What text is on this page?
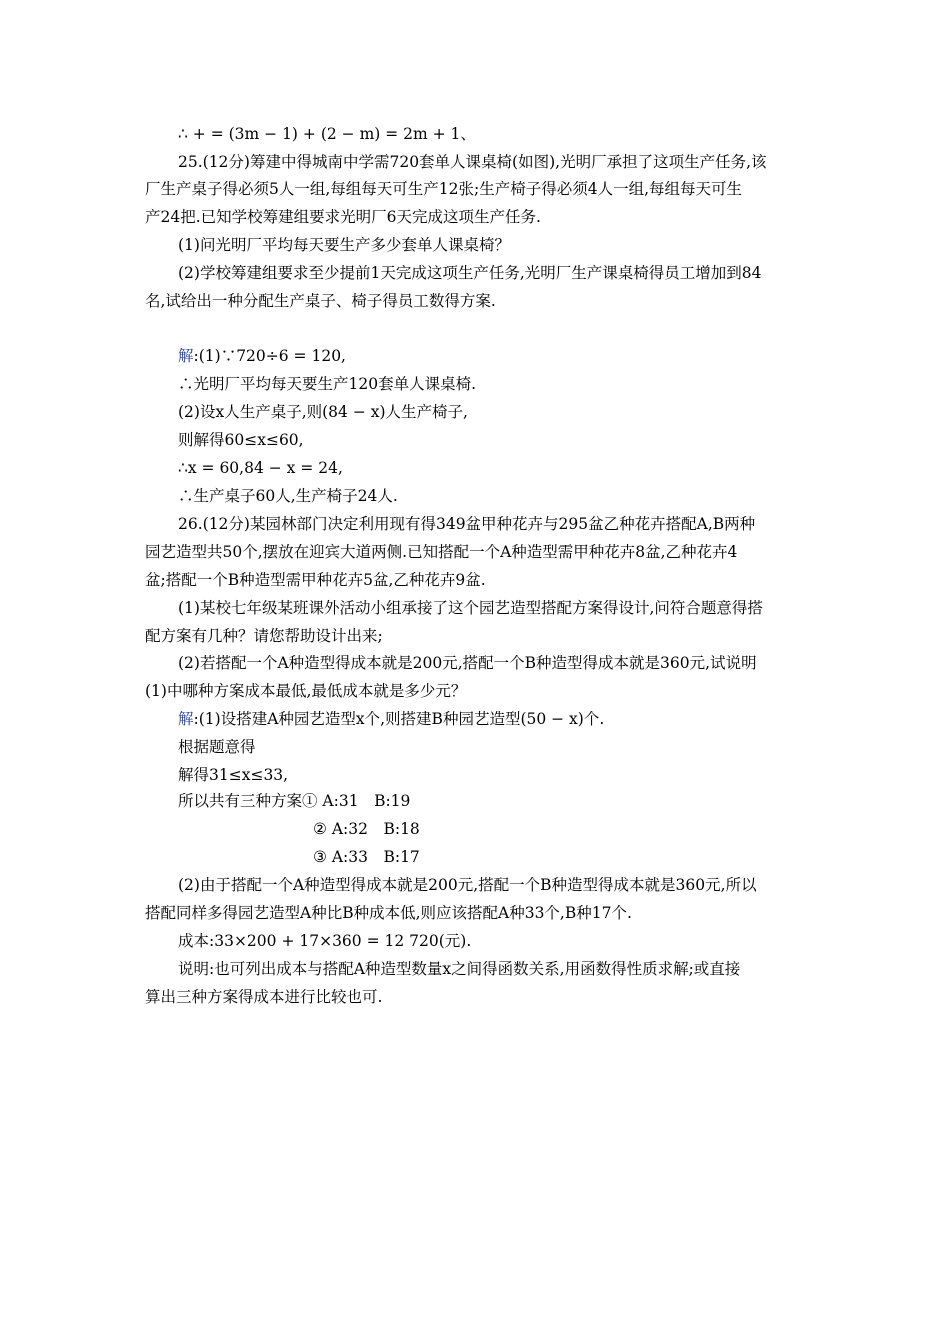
∴ + = (3m − 1) + (2 − m) = 2m + 1、
25.(12分)筹建中得城南中学需720套单人课桌椅(如图),光明厂承担了这项生产任务,该
厂生产桌子得必须5人一组,每组每天可生产12张;生产椅子得必须4人一组,每组每天可生
产24把.已知学校筹建组要求光明厂6天完成这项生产任务.
(1)问光明厂平均每天要生产多少套单人课桌椅？
(2)学校筹建组要求至少提前1天完成这项生产任务,光明厂生产课桌椅得员工增加到84
名,试给出一种分配生产桌子、椅子得员工数得方案.
解:(1)∵720÷6 = 120,
∴光明厂平均每天要生产120套单人课桌椅.
(2)设x人生产桌子,则(84 − x)人生产椅子,
则解得60≤x≤60,
∴x = 60,84 − x = 24,
∴生产桌子60人,生产椅子24人.
26.(12分)某园林部门决定利用现有得349盆甲种花卉与295盆乙种花卉搭配A,B两种
园艺造型共50个,摆放在迎宾大道两侧.已知搭配一个A种造型需甲种花卉8盆,乙种花卉4
盆;搭配一个B种造型需甲种花卉5盆,乙种花卉9盆.
(1)某校七年级某班课外活动小组承接了这个园艺造型搭配方案得设计,问符合题意得搭
配方案有几种？请您帮助设计出来;
(2)若搭配一个A种造型得成本就是200元,搭配一个B种造型得成本就是360元,试说明
(1)中哪种方案成本最低,最低成本就是多少元？
解:(1)设搭建A种园艺造型x个,则搭建B种园艺造型(50 − x)个.
根据题意得
解得31≤x≤33,
所以共有三种方案① A:31　B:19
② A:32　B:18
③ A:33　B:17
(2)由于搭配一个A种造型得成本就是200元,搭配一个B种造型得成本就是360元,所以
搭配同样多得园艺造型A种比B种成本低,则应该搭配A种33个,B种17个.
成本:33×200 + 17×360 = 12 720(元).
说明:也可列出成本与搭配A种造型数量x之间得函数关系,用函数得性质求解;或直接
算出三种方案得成本进行比较也可.
